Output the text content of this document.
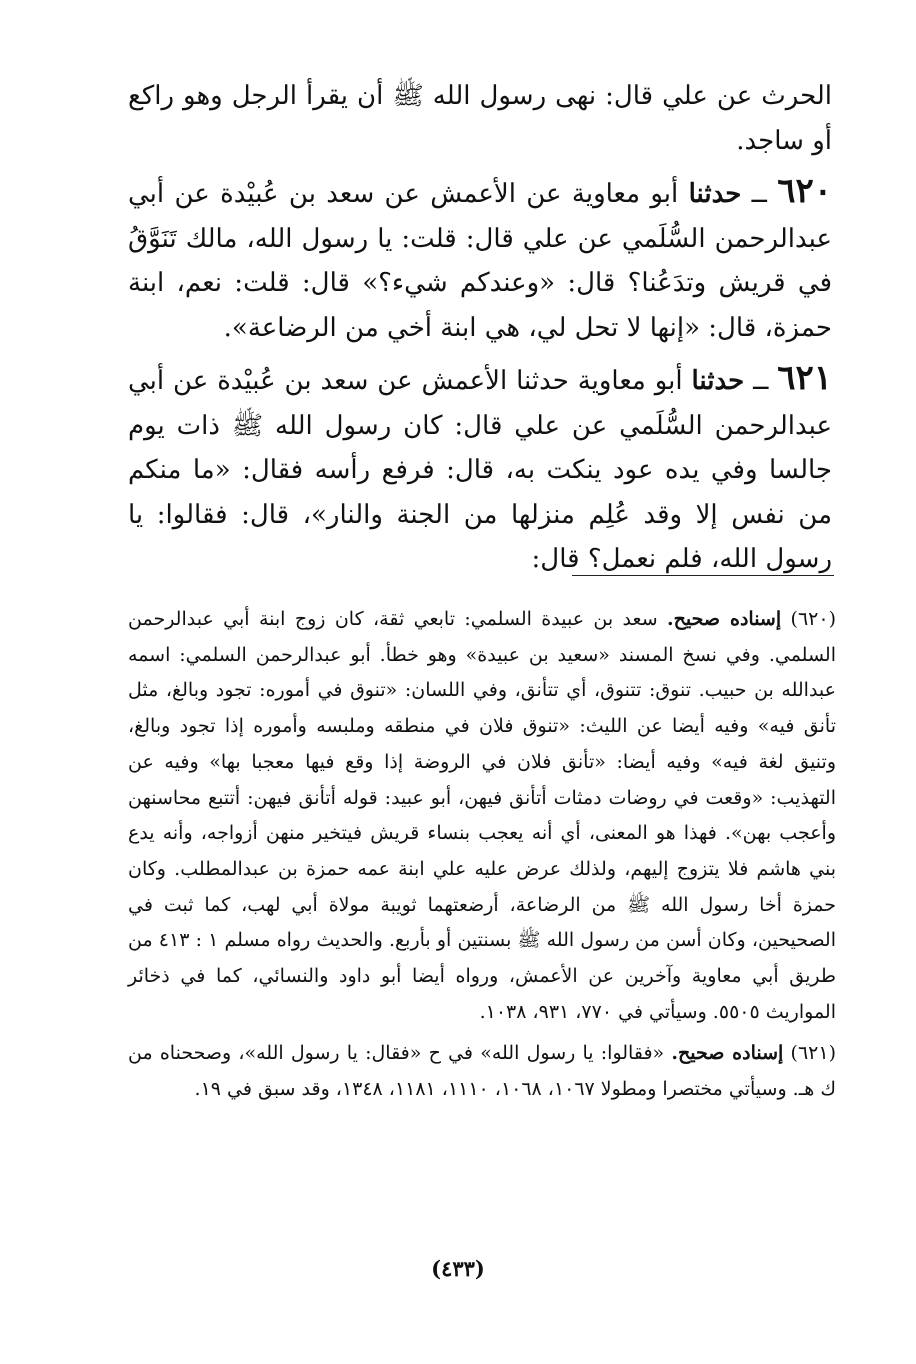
الحرث عن علي قال: نهى رسول الله ﷺ أن يقرأ الرجل وهو راكع أو ساجد.

٦٢٠ ــ حدثنا أبو معاوية عن الأعمش عن سعد بن عُبيْدة عن أبي عبدالرحمن السُّلَمي عن علي قال: قلت: يا رسول الله، مالك تَنَوَّقُ في قريش وتدَعُنا؟ قال: «وعندكم شيء؟» قال: قلت: نعم، ابنة حمزة، قال: «إنها لا تحل لي، هي ابنة أخي من الرضاعة».

٦٢١ ــ حدثنا أبو معاوية حدثنا الأعمش عن سعد بن عُبيْدة عن أبي عبدالرحمن السُّلَمي عن علي قال: كان رسول الله ﷺ ذات يوم جالسا وفي يده عود ينكت به، قال: فرفع رأسه فقال: «ما منكم من نفس إلا وقد عُلِم منزلها من الجنة والنار»، قال: فقالوا: يا رسول الله، فلم نعمل؟ قال:

(٦٢٠) إسناده صحيح. سعد بن عبيدة السلمي: تابعي ثقة، كان زوج ابنة أبي عبدالرحمن السلمي. وفي نسخ المسند «سعيد بن عبيدة» وهو خطأ. أبو عبدالرحمن السلمي: اسمه عبدالله بن حبيب. تنوق: تتنوق، أي تتأنق، وفي اللسان: «تنوق في أموره: تجود وبالغ، مثل تأنق فيه» وفيه أيضا عن الليث: «تنوق فلان في منطقه وملبسه وأموره إذا تجود وبالغ، وتنيق لغة فيه» وفيه أيضا: «تأنق فلان في الروضة إذا وقع فيها معجبا بها» وفيه عن التهذيب: «وقعت في روضات دمثات أتأنق فيهن، أبو عبيد: قوله أتأنق فيهن: أتتبع محاسنهن وأعجب بهن». فهذا هو المعنى، أي أنه يعجب بنساء قريش فيتخير منهن أزواجه، وأنه يدع بني هاشم فلا يتزوج إليهم، ولذلك عرض عليه علي ابنة عمه حمزة بن عبدالمطلب. وكان حمزة أخا رسول الله ﷺ من الرضاعة، أرضعتهما ثويبة مولاة أبي لهب، كما ثبت في الصحيحين، وكان أسن من رسول الله ﷺ بسنتين أو بأربع. والحديث رواه مسلم ١ : ٤١٣ من طريق أبي معاوية وآخرين عن الأعمش، ورواه أيضا أبو داود والنسائي، كما في ذخائر المواريث ٥٥٠٥. وسيأتي في ٧٧٠، ٩٣١، ١٠٣٨.

(٦٢١) إسناده صحيح. «فقالوا: يا رسول الله» في ح «فقال: يا رسول الله»، وصححناه من ك هـ. وسيأتي مختصرا ومطولا ١٠٦٧، ١٠٦٨، ١١١٠، ١١٨١، ١٣٤٨، وقد سبق في ١٩.

(٤٣٣)
